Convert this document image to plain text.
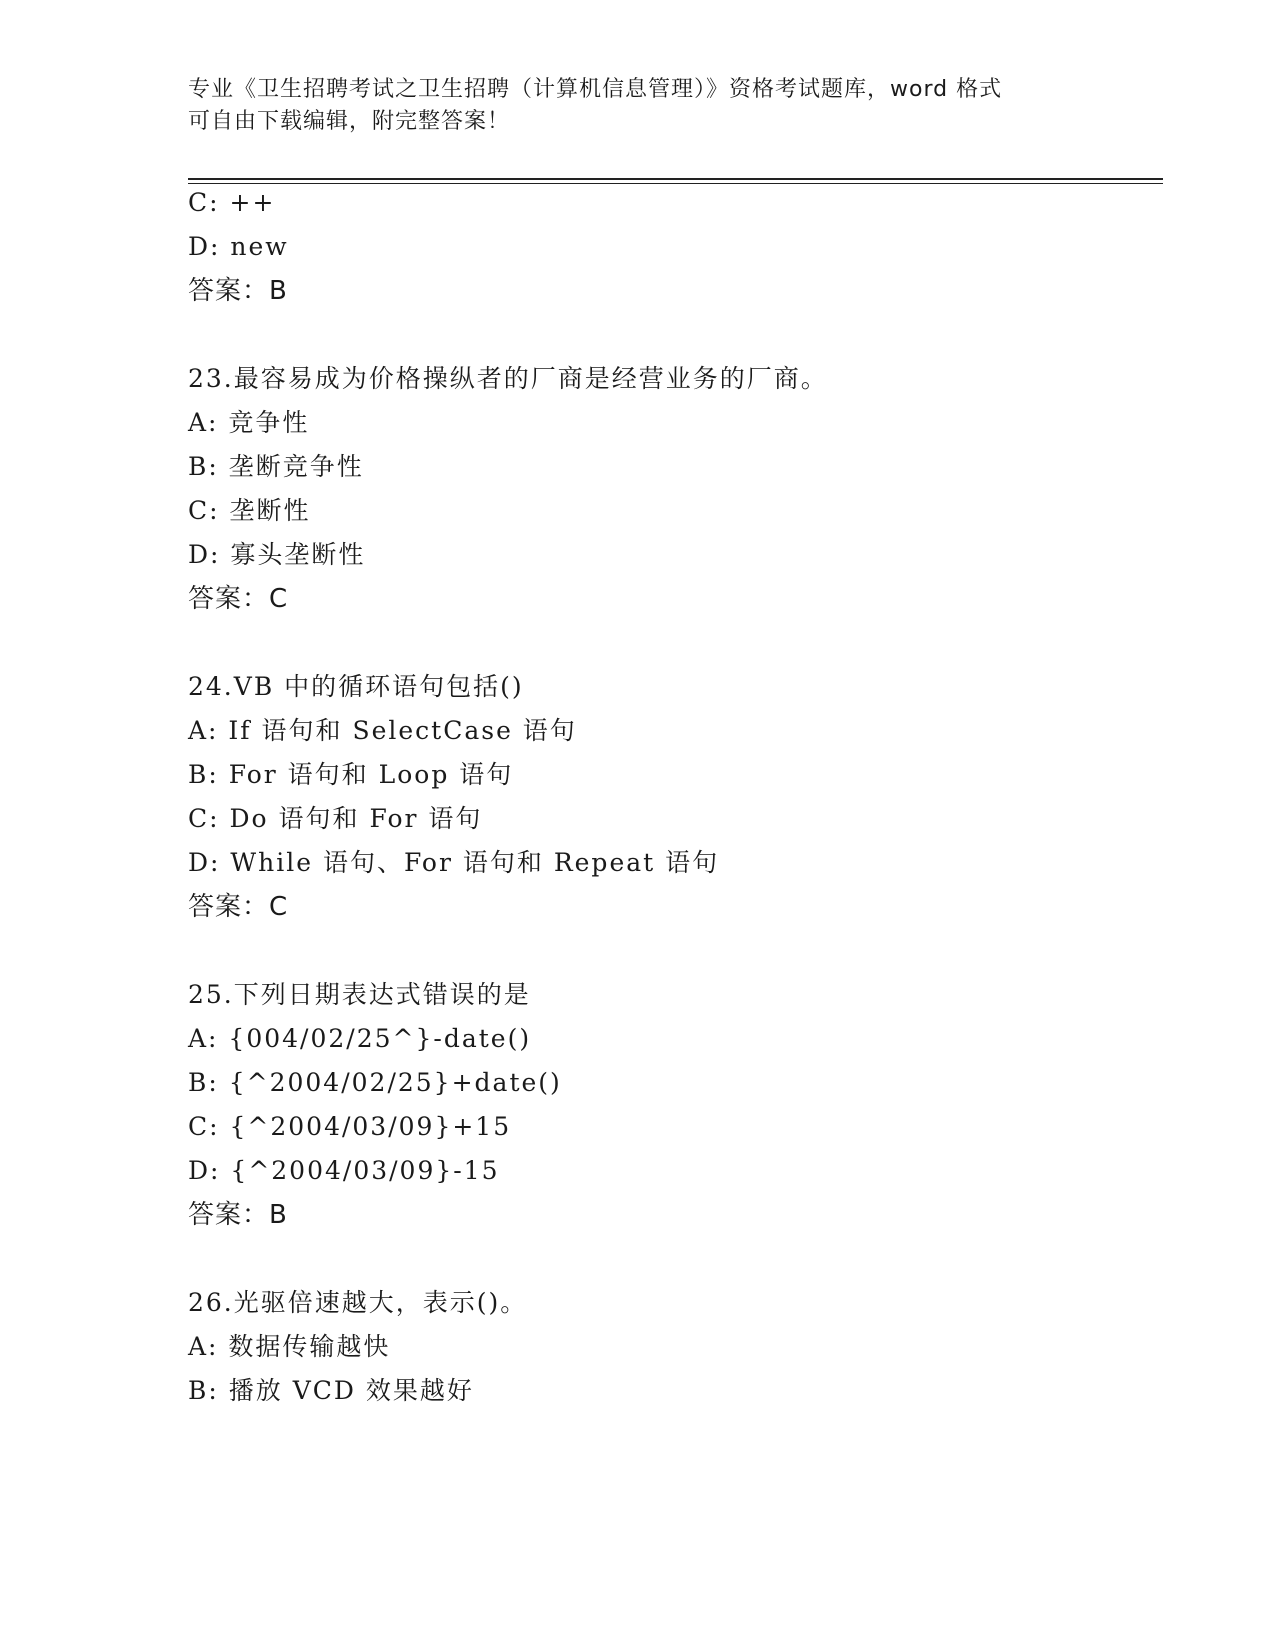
专业《卫生招聘考试之卫生招聘（计算机信息管理）》资格考试题库，word 格式
可自由下载编辑，附完整答案！
C: ++
D: new
答案：B
23.最容易成为价格操纵者的厂商是经营业务的厂商。
A: 竞争性
B: 垄断竞争性
C: 垄断性
D: 寡头垄断性
答案：C
24.VB 中的循环语句包括()
A: If 语句和 SelectCase 语句
B: For 语句和 Loop 语句
C: Do 语句和 For 语句
D: While 语句、For 语句和 Repeat 语句
答案：C
25.下列日期表达式错误的是
A: {004/02/25^}-date()
B: {^2004/02/25}+date()
C: {^2004/03/09}+15
D: {^2004/03/09}-15
答案：B
26.光驱倍速越大，表示()。
A: 数据传输越快
B: 播放 VCD 效果越好
